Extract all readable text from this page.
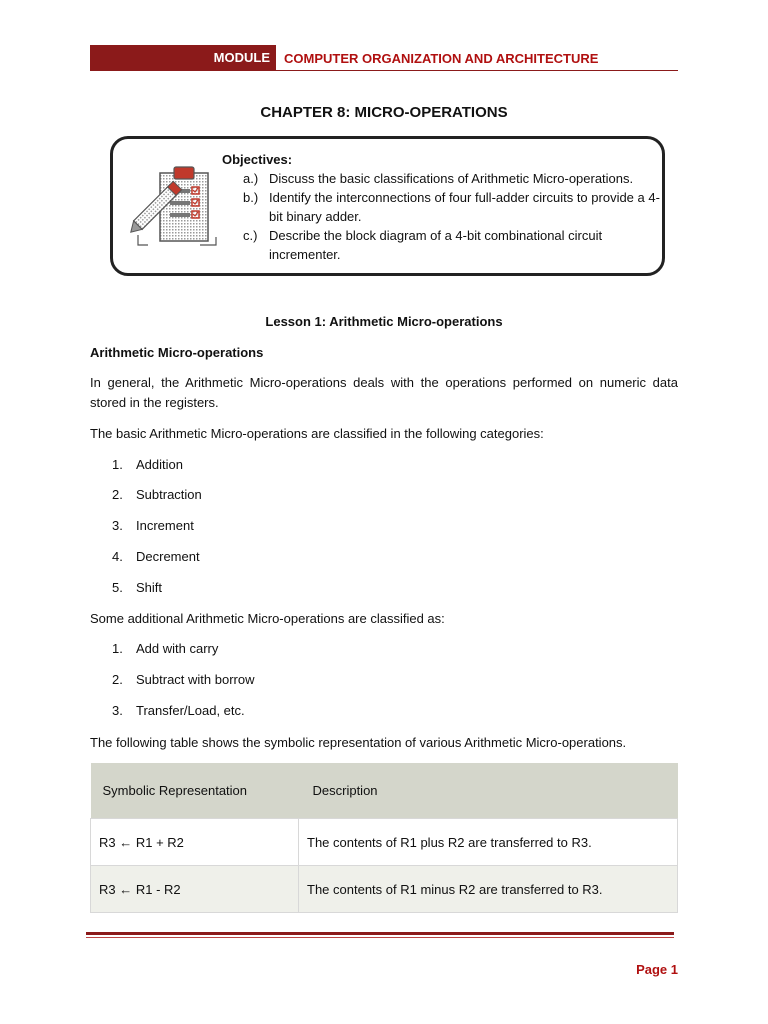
MODULE COMPUTER ORGANIZATION AND ARCHITECTURE
CHAPTER 8: MICRO-OPERATIONS
Objectives:
a.) Discuss the basic classifications of Arithmetic Micro-operations.
b.) Identify the interconnections of four full-adder circuits to provide a 4-bit binary adder.
c.) Describe the block diagram of a 4-bit combinational circuit incrementer.
Lesson 1: Arithmetic Micro-operations
Arithmetic Micro-operations
In general, the Arithmetic Micro-operations deals with the operations performed on numeric data stored in the registers.
The basic Arithmetic Micro-operations are classified in the following categories:
1. Addition
2. Subtraction
3. Increment
4. Decrement
5. Shift
Some additional Arithmetic Micro-operations are classified as:
1. Add with carry
2. Subtract with borrow
3. Transfer/Load, etc.
The following table shows the symbolic representation of various Arithmetic Micro-operations.
Symbolic Representation	Description
R3 ← R1 + R2	The contents of R1 plus R2 are transferred to R3.
R3 ← R1 - R2	The contents of R1 minus R2 are transferred to R3.
Page 1
